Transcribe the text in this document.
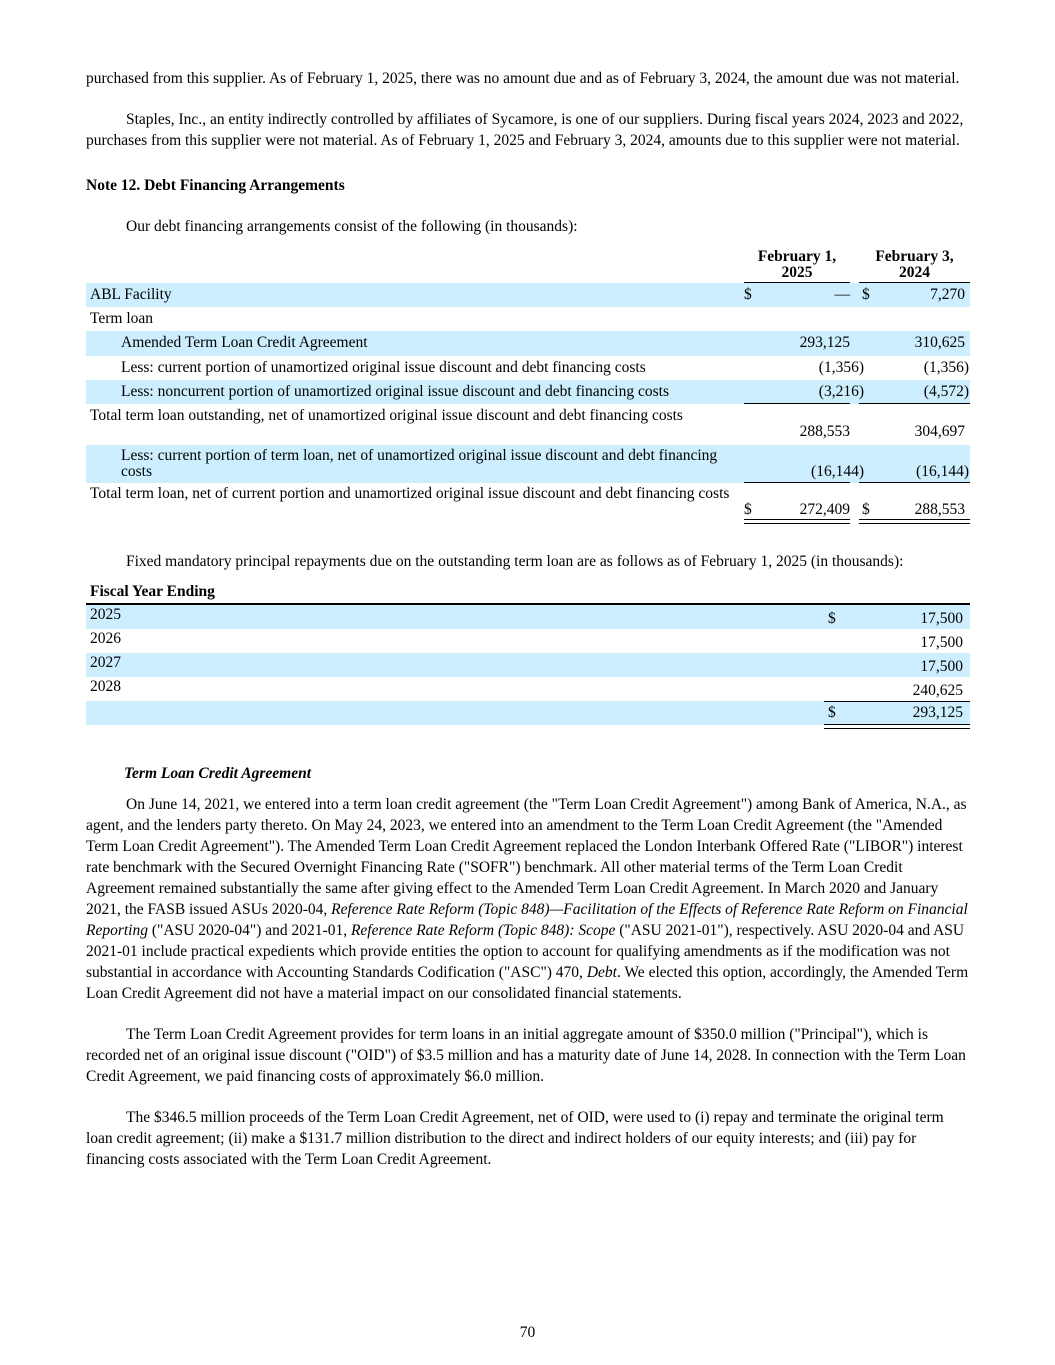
purchased from this supplier. As of February 1, 2025, there was no amount due and as of February 3, 2024, the amount due was not material.

Staples, Inc., an entity indirectly controlled by affiliates of Sycamore, is one of our suppliers. During fiscal years 2024, 2023 and 2022, purchases from this supplier were not material. As of February 1, 2025 and February 3, 2024, amounts due to this supplier were not material.

Note 12. Debt Financing Arrangements

Our debt financing arrangements consist of the following (in thousands):

February 1, 2025
February 3, 2024
ABL Facility	$	— $	7,270
Term loan
Amended Term Loan Credit Agreement	293,125	310,625
Less: current portion of unamortized original issue discount and debt financing costs	(1,356)	(1,356)
Less: noncurrent portion of unamortized original issue discount and debt financing costs	(3,216)	(4,572)
Total term loan outstanding, net of unamortized original issue discount and debt financing costs
288,553	304,697
Less: current portion of term loan, net of unamortized original issue discount and debt financing costs	(16,144)	(16,144)
Total term loan, net of current portion and unamortized original issue discount and debt financing costs
$	272,409 $	288,553

Fixed mandatory principal repayments due on the outstanding term loan are as follows as of February 1, 2025 (in thousands):

Fiscal Year Ending
2025	$	17,500
2026	17,500
2027	17,500
2028	240,625
$	293,125

Term Loan Credit Agreement

On June 14, 2021, we entered into a term loan credit agreement (the "Term Loan Credit Agreement") among Bank of America, N.A., as agent, and the lenders party thereto. On May 24, 2023, we entered into an amendment to the Term Loan Credit Agreement (the "Amended Term Loan Credit Agreement"). The Amended Term Loan Credit Agreement replaced the London Interbank Offered Rate ("LIBOR") interest rate benchmark with the Secured Overnight Financing Rate ("SOFR") benchmark. All other material terms of the Term Loan Credit Agreement remained substantially the same after giving effect to the Amended Term Loan Credit Agreement. In March 2020 and January 2021, the FASB issued ASUs 2020-04, Reference Rate Reform (Topic 848)—Facilitation of the Effects of Reference Rate Reform on Financial Reporting ("ASU 2020-04") and 2021-01, Reference Rate Reform (Topic 848): Scope ("ASU 2021-01"), respectively. ASU 2020-04 and ASU 2021-01 include practical expedients which provide entities the option to account for qualifying amendments as if the modification was not substantial in accordance with Accounting Standards Codification ("ASC") 470, Debt. We elected this option, accordingly, the Amended Term Loan Credit Agreement did not have a material impact on our consolidated financial statements.

The Term Loan Credit Agreement provides for term loans in an initial aggregate amount of $350.0 million ("Principal"), which is recorded net of an original issue discount ("OID") of $3.5 million and has a maturity date of June 14, 2028. In connection with the Term Loan Credit Agreement, we paid financing costs of approximately $6.0 million.

The $346.5 million proceeds of the Term Loan Credit Agreement, net of OID, were used to (i) repay and terminate the original term loan credit agreement; (ii) make a $131.7 million distribution to the direct and indirect holders of our equity interests; and (iii) pay for financing costs associated with the Term Loan Credit Agreement.

70
